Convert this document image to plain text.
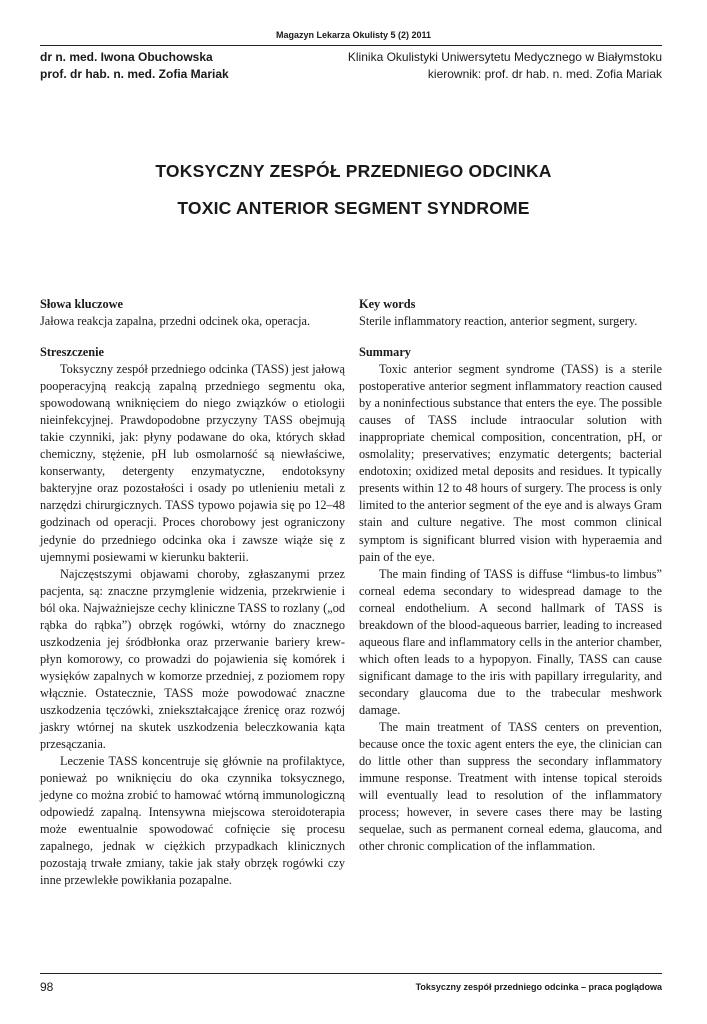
Magazyn Lekarza Okulisty 5 (2) 2011
dr n. med. Iwona Obuchowska
prof. dr hab. n. med. Zofia Mariak
Klinika Okulistyki Uniwersytetu Medycznego w Białymstoku
kierownik: prof. dr hab. n. med. Zofia Mariak
TOKSYCZNY ZESPÓŁ PRZEDNIEGO ODCINKA
TOXIC ANTERIOR SEGMENT SYNDROME
Słowa kluczowe

Jałowa reakcja zapalna, przedni odcinek oka, operacja.

Key words

Sterile inflammatory reaction, anterior segment, surgery.

Streszczenie

Toksyczny zespół przedniego odcinka (TASS) jest jałową pooperacyjną reakcją zapalną przedniego segmentu oka, spowodowaną wniknięciem do niego związków o etiologii nieinfekcyjnej. Prawdopodobne przyczyny TASS obejmują takie czynniki, jak: płyny podawane do oka, których skład chemiczny, stężenie, pH lub osmolarność są niewłaściwe, konserwanty, detergenty enzymatyczne, endotoksyny bakteryjne oraz pozostałości i osady po utlenieniu metali z narzędzi chirurgicznych. TASS typowo pojawia się po 12–48 godzinach od operacji. Proces chorobowy jest ograniczony jedynie do przedniego odcinka oka i zawsze wiąże się z ujemnymi posiewami w kierunku bakterii.

Najczęstszymi objawami choroby, zgłaszanymi przez pacjenta, są: znaczne przymglenie widzenia, przekrwienie i ból oka. Najważniejsze cechy kliniczne TASS to rozlany („od rąbka do rąbka”) obrzęk rogówki, wtórny do znacznego uszkodzenia jej śródbłonka oraz przerwanie bariery krew-płyn komorowy, co prowadzi do pojawienia się komórek i wysięków zapalnych w komorze przedniej, z poziomem ropy włącznie. Ostatecznie, TASS może powodować znaczne uszkodzenia tęczówki, zniekształcające źrenicę oraz rozwój jaskry wtórnej na skutek uszkodzenia beleczkowania kąta przesączania.

Leczenie TASS koncentruje się głównie na profilaktyce, ponieważ po wniknięciu do oka czynnika toksycznego, jedyne co można zrobić to hamować wtórną immunologiczną odpowiedź zapalną. Intensywna miejscowa steroidoterapia może ewentualnie spowodować cofnięcie się procesu zapalnego, jednak w ciężkich przypadkach klinicznych pozostają trwałe zmiany, takie jak stały obrzęk rogówki czy inne przewlekłe powikłania pozapalne.

Summary

Toxic anterior segment syndrome (TASS) is a sterile postoperative anterior segment inflammatory reaction caused by a noninfectious substance that enters the eye. The possible causes of TASS include intraocular solution with inappropriate chemical composition, concentration, pH, or osmolality; preservatives; enzymatic detergents; bacterial endotoxin; oxidized metal deposits and residues. It typically presents within 12 to 48 hours of surgery. The process is only limited to the anterior segment of the eye and is always Gram stain and culture negative. The most common clinical symptom is significant blurred vision with hyperaemia and pain of the eye.

The main finding of TASS is diffuse “limbus-to limbus” corneal edema secondary to widespread damage to the corneal endothelium. A second hallmark of TASS is breakdown of the blood-aqueous barrier, leading to increased aqueous flare and inflammatory cells in the anterior chamber, which often leads to a hypopyon. Finally, TASS can cause significant damage to the iris with papillary irregularity, and secondary glaucoma due to the trabecular meshwork damage.

The main treatment of TASS centers on prevention, because once the toxic agent enters the eye, the clinician can do little other than suppress the secondary inflammatory immune response. Treatment with intense topical steroids will eventually lead to resolution of the inflammatory process; however, in severe cases there may be lasting sequelae, such as permanent corneal edema, glaucoma, and other chronic complication of the inflammation.

98	Toksyczny zespół przedniego odcinka – praca poglądowa
